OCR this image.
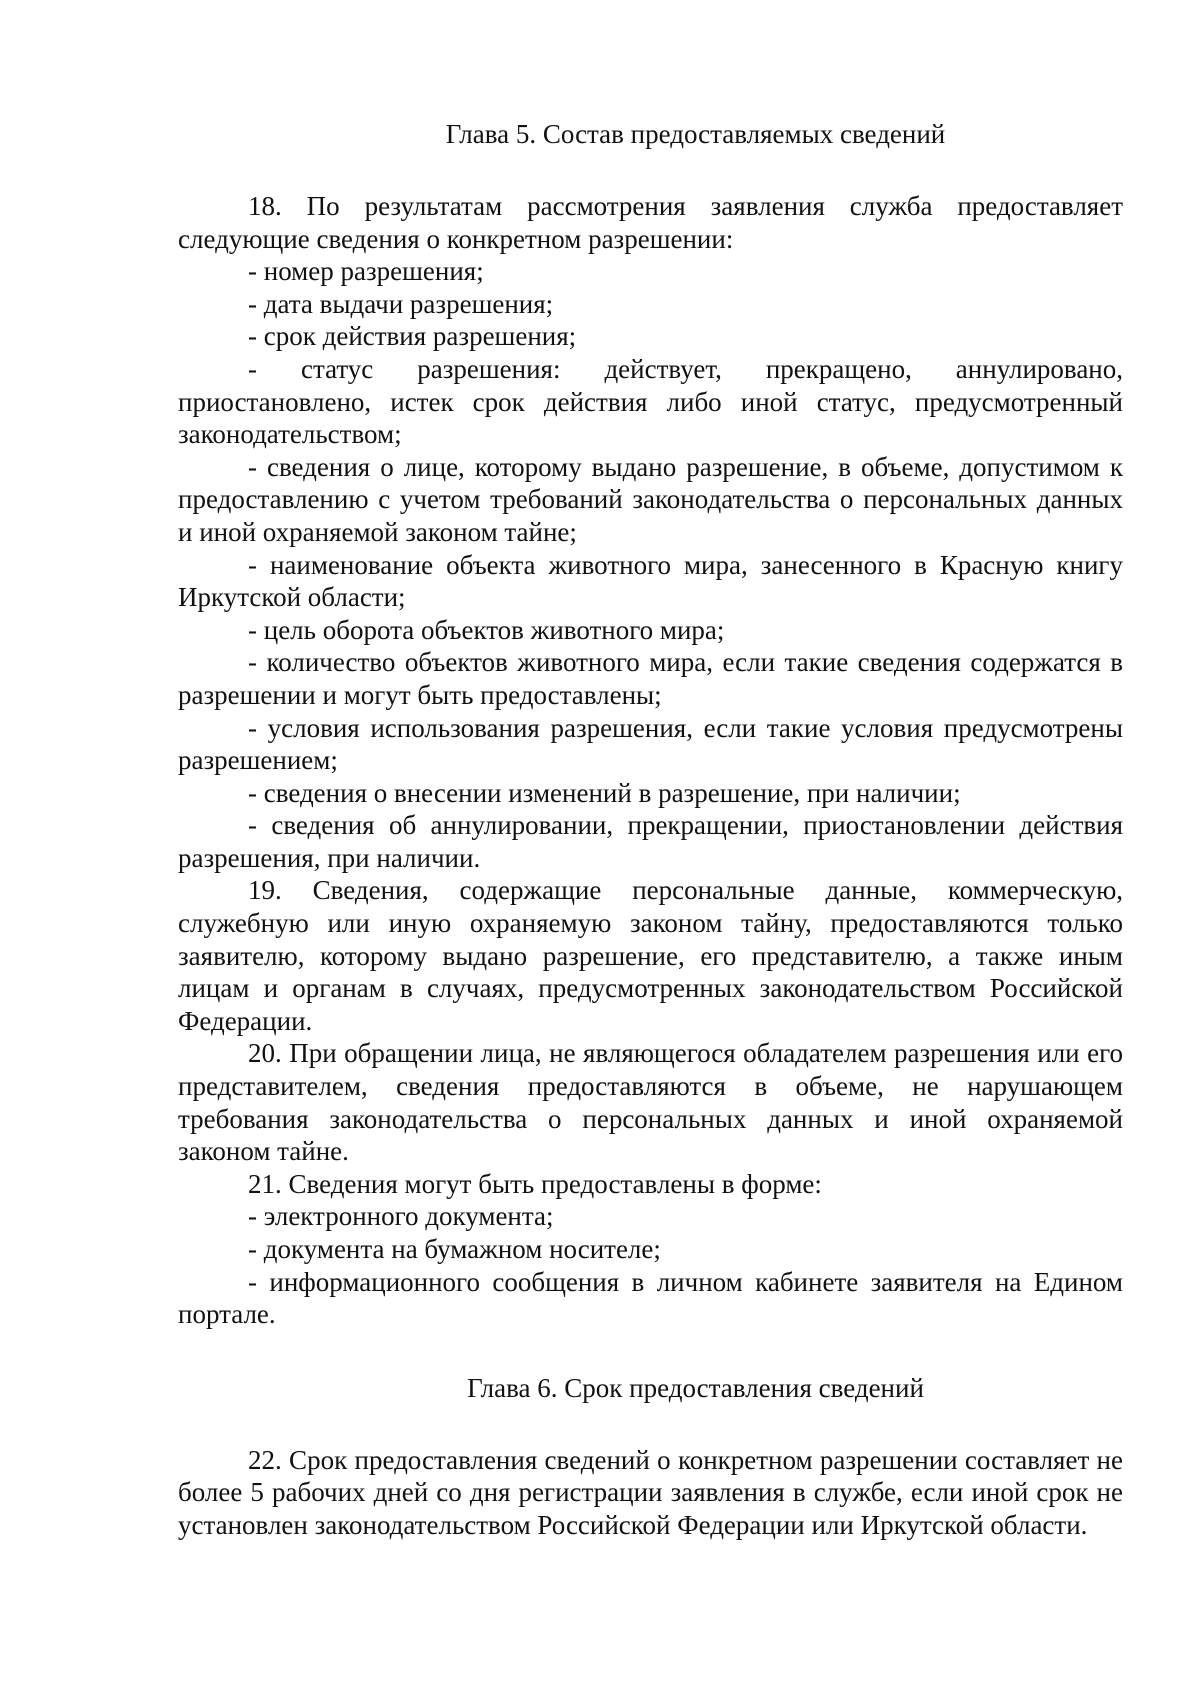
Глава 5. Состав предоставляемых сведений

18. По результатам рассмотрения заявления служба предоставляет следующие сведения о конкретном разрешении:

- номер разрешения;

- дата выдачи разрешения;

- срок действия разрешения;

- статус разрешения: действует, прекращено, аннулировано, приостановлено, истек срок действия либо иной статус, предусмотренный законодательством;

- сведения о лице, которому выдано разрешение, в объеме, допустимом к предоставлению с учетом требований законодательства о персональных данных и иной охраняемой законом тайне;

- наименование объекта животного мира, занесенного в Красную книгу Иркутской области;

- цель оборота объектов животного мира;

- количество объектов животного мира, если такие сведения содержатся в разрешении и могут быть предоставлены;

- условия использования разрешения, если такие условия предусмотрены разрешением;

- сведения о внесении изменений в разрешение, при наличии;

- сведения об аннулировании, прекращении, приостановлении действия разрешения, при наличии.

19. Сведения, содержащие персональные данные, коммерческую, служебную или иную охраняемую законом тайну, предоставляются только заявителю, которому выдано разрешение, его представителю, а также иным лицам и органам в случаях, предусмотренных законодательством Российской Федерации.

20. При обращении лица, не являющегося обладателем разрешения или его представителем, сведения предоставляются в объеме, не нарушающем требования законодательства о персональных данных и иной охраняемой законом тайне.

21. Сведения могут быть предоставлены в форме:

- электронного документа;

- документа на бумажном носителе;

- информационного сообщения в личном кабинете заявителя на Едином портале.

Глава 6. Срок предоставления сведений

22. Срок предоставления сведений о конкретном разрешении составляет не более 5 рабочих дней со дня регистрации заявления в службе, если иной срок не установлен законодательством Российской Федерации или Иркутской области.
